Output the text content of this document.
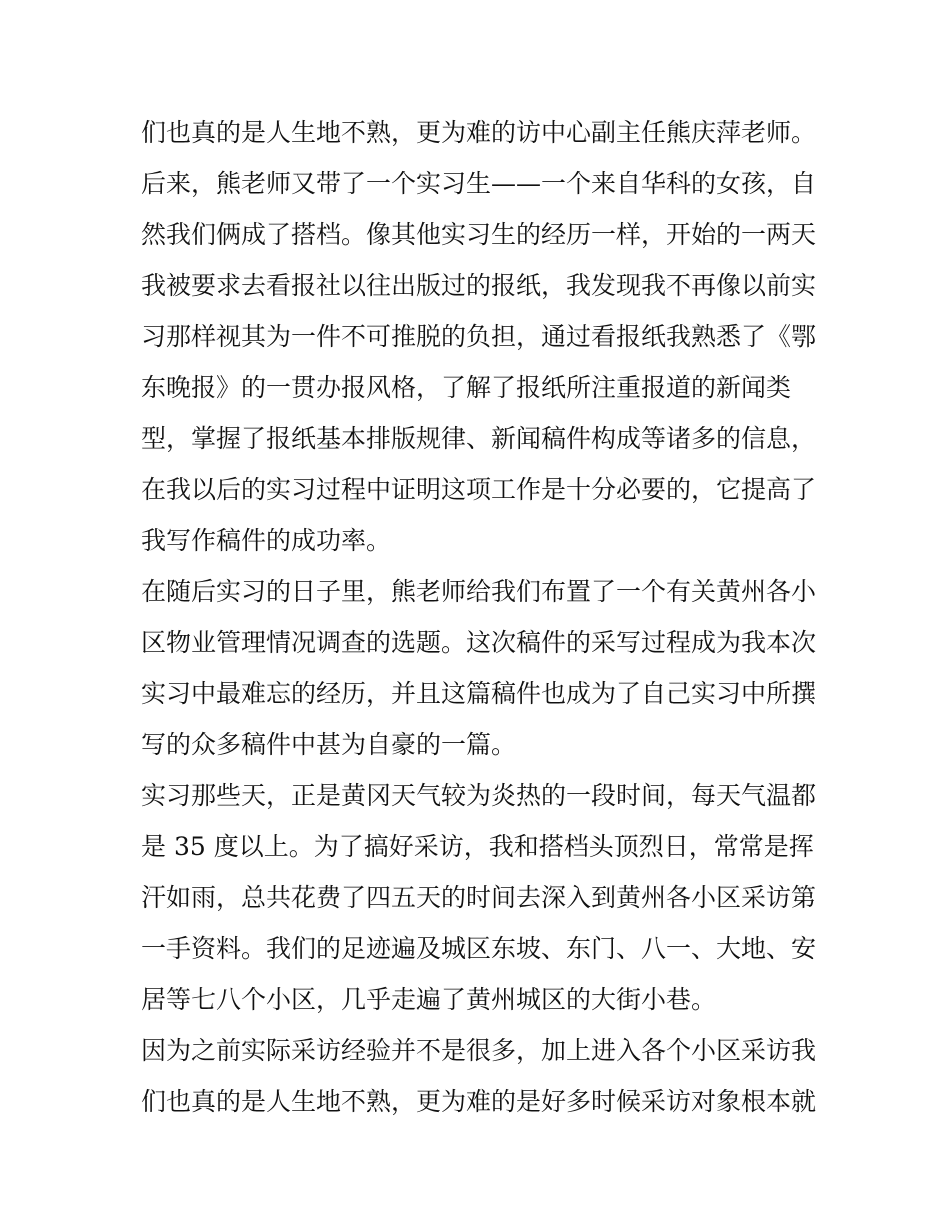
们也真的是人生地不熟，更为难的访中心副主任熊庆萍老师。
后来，熊老师又带了一个实习生——一个来自华科的女孩，自
然我们俩成了搭档。像其他实习生的经历一样，开始的一两天
我被要求去看报社以往出版过的报纸，我发现我不再像以前实
习那样视其为一件不可推脱的负担，通过看报纸我熟悉了《鄂
东晚报》的一贯办报风格，了解了报纸所注重报道的新闻类
型，掌握了报纸基本排版规律、新闻稿件构成等诸多的信息，
在我以后的实习过程中证明这项工作是十分必要的，它提高了
我写作稿件的成功率。
在随后实习的日子里，熊老师给我们布置了一个有关黄州各小
区物业管理情况调查的选题。这次稿件的采写过程成为我本次
实习中最难忘的经历，并且这篇稿件也成为了自己实习中所撰
写的众多稿件中甚为自豪的一篇。
实习那些天，正是黄冈天气较为炎热的一段时间，每天气温都
是 35 度以上。为了搞好采访，我和搭档头顶烈日，常常是挥
汗如雨，总共花费了四五天的时间去深入到黄州各小区采访第
一手资料。我们的足迹遍及城区东坡、东门、八一、大地、安
居等七八个小区，几乎走遍了黄州城区的大街小巷。
因为之前实际采访经验并不是很多，加上进入各个小区采访我
们也真的是人生地不熟，更为难的是好多时候采访对象根本就
